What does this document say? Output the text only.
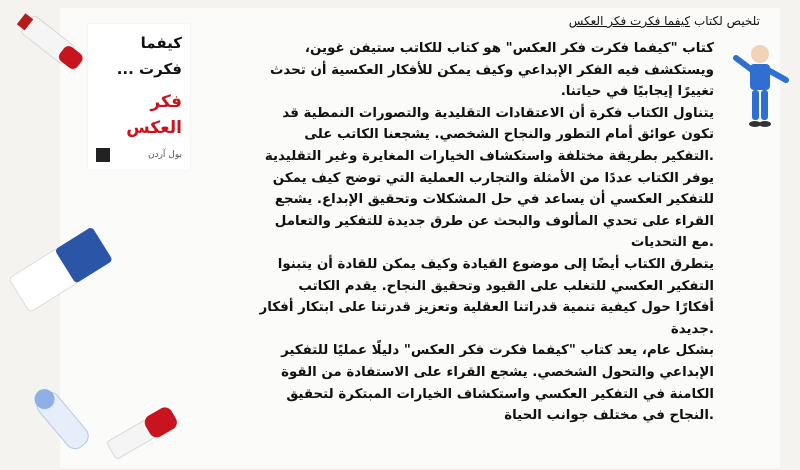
تلخيص لكتاب كيفما فكرت فكر العكس
كيفما
فكرت ...
فكر
العكس
بول آردن

كتاب "كيفما فكرت فكر العكس" هو كتاب للكاتب ستيفن غوين،

ويستكشف فيه الفكر الإبداعي وكيف يمكن للأفكار العكسية أن تحدث

تغييرًا إيجابيًا في حياتنا.

يتناول الكتاب فكرة أن الاعتقادات التقليدية والتصورات النمطية قد

تكون عوائق أمام التطور والنجاح الشخصي. يشجعنا الكاتب على

.التفكير بطريقة مختلفة واستكشاف الخيارات المغايرة وغير التقليدية

يوفر الكتاب عددًا من الأمثلة والتجارب العملية التي توضح كيف يمكن

للتفكير العكسي أن يساعد في حل المشكلات وتحقيق الإبداع. يشجع

القراء على تحدي المألوف والبحث عن طرق جديدة للتفكير والتعامل

.مع التحديات

يتطرق الكتاب أيضًا إلى موضوع القيادة وكيف يمكن للقادة أن يتبنوا

التفكير العكسي للتغلب على القيود وتحقيق النجاح. يقدم الكاتب

أفكارًا حول كيفية تنمية قدراتنا العقلية وتعزيز قدرتنا على ابتكار أفكار

.جديدة

بشكل عام، يعد كتاب "كيفما فكرت فكر العكس" دليلًا عمليًا للتفكير

الإبداعي والتحول الشخصي. يشجع القراء على الاستفادة من القوة

الكامنة في التفكير العكسي واستكشاف الخيارات المبتكرة لتحقيق

.النجاح في مختلف جوانب الحياة
